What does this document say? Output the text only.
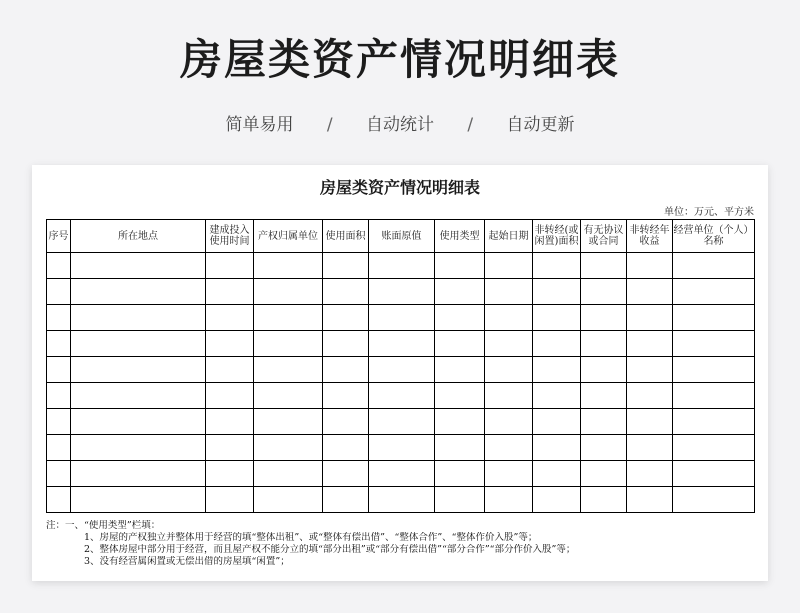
房屋类资产情况明细表
简单易用 / 自动统计 / 自动更新
房屋类资产情况明细表
单位：万元、平方米
序号	所在地点	建成投入使用时间	产权归属单位	使用面积	账面原值	使用类型	起始日期	非转经(或闲置)面积	有无协议或合同	非转经年收益	经营单位（个人）名称

注：一、“使用类型”栏填：
1、房屋的产权独立并整体用于经营的填“整体出租”、或“整体有偿出借”、“整体合作”、“整体作价入股”等；
2、整体房屋中部分用于经营，而且屋产权不能分立的填“部分出租”或“部分有偿出借”“部分合作”“部分作价入股”等；
3、没有经营属闲置或无偿出借的房屋填“闲置”；
